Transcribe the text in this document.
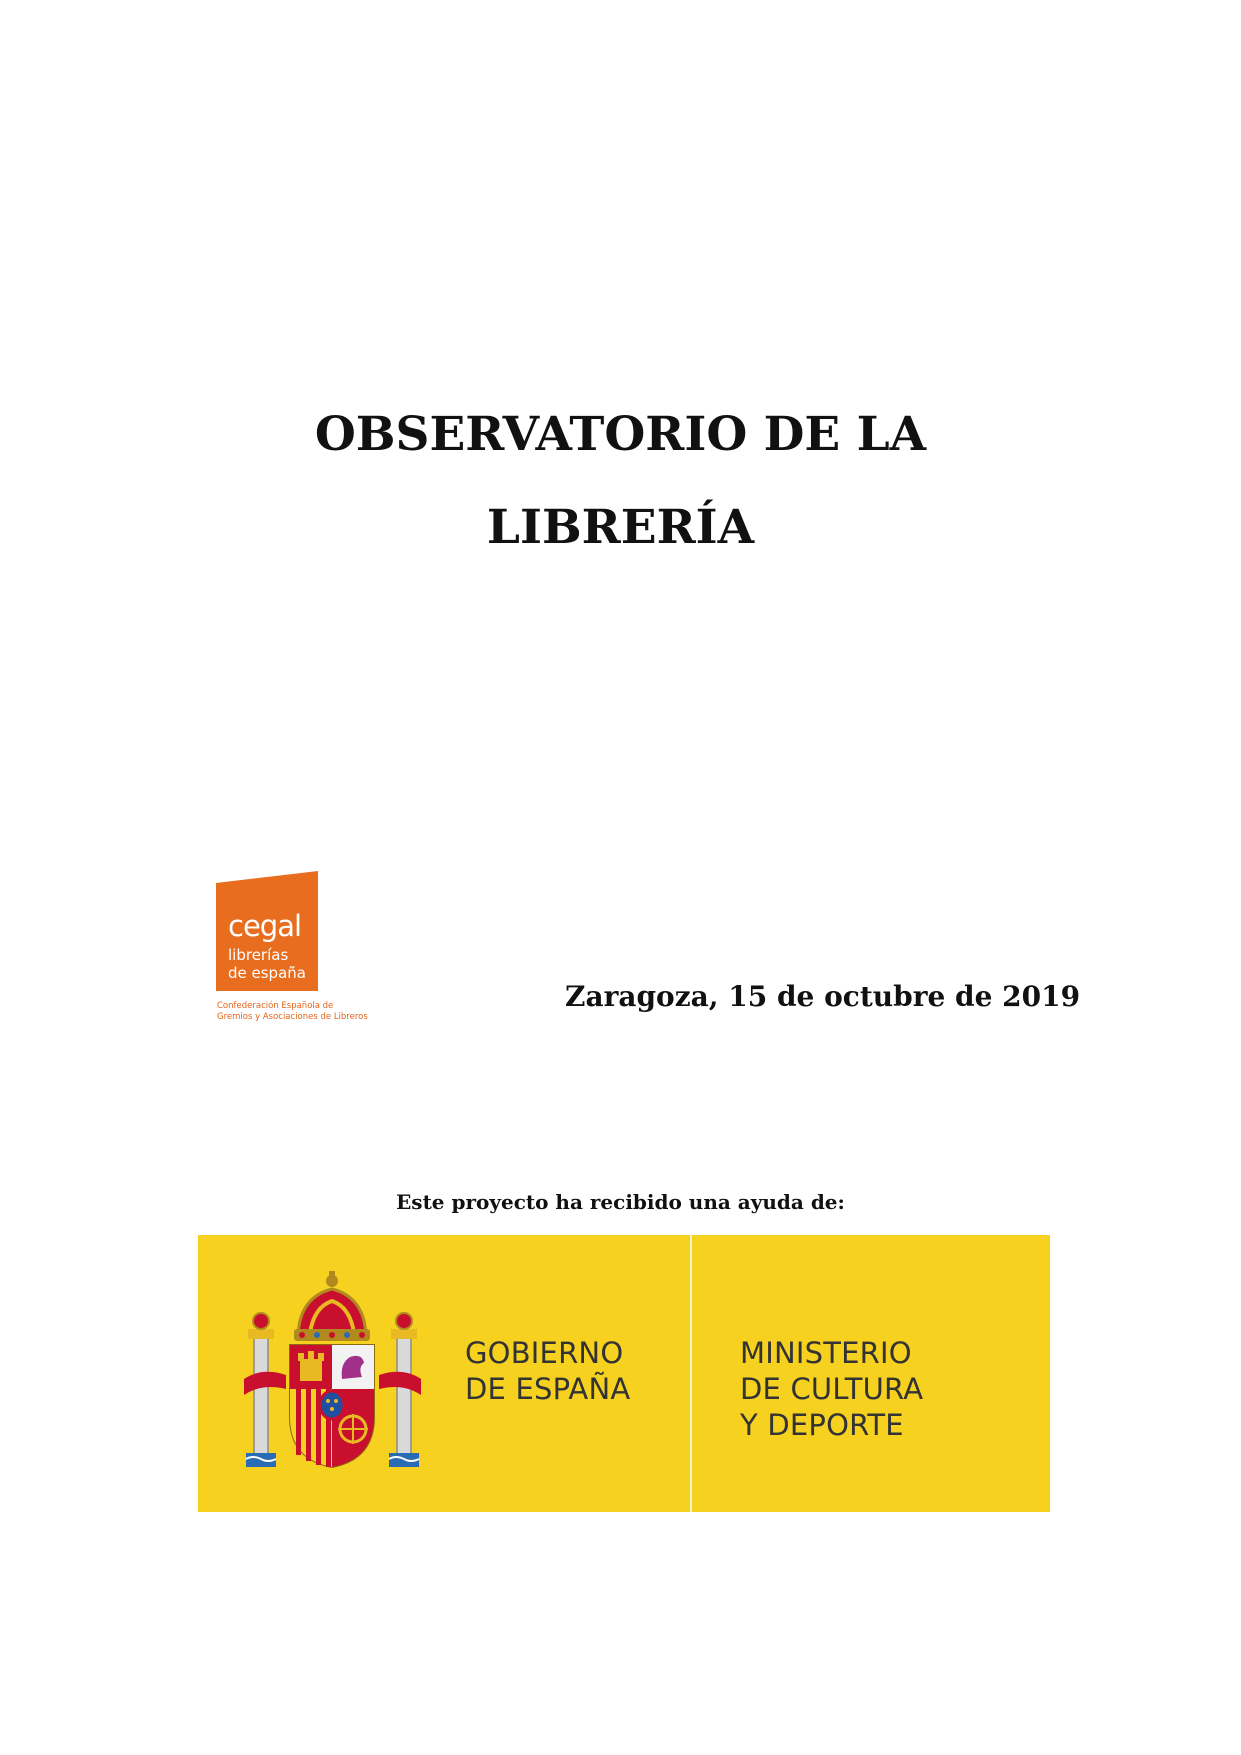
OBSERVATORIO DE LA
LIBRERÍA
cegal
librerías
de españa
Confederación Española de
Gremios y Asociaciones de Libreros
Zaragoza, 15 de octubre de 2019
Este proyecto ha recibido una ayuda de:
GOBIERNO
DE ESPAÑA
MINISTERIO
DE CULTURA
Y DEPORTE
